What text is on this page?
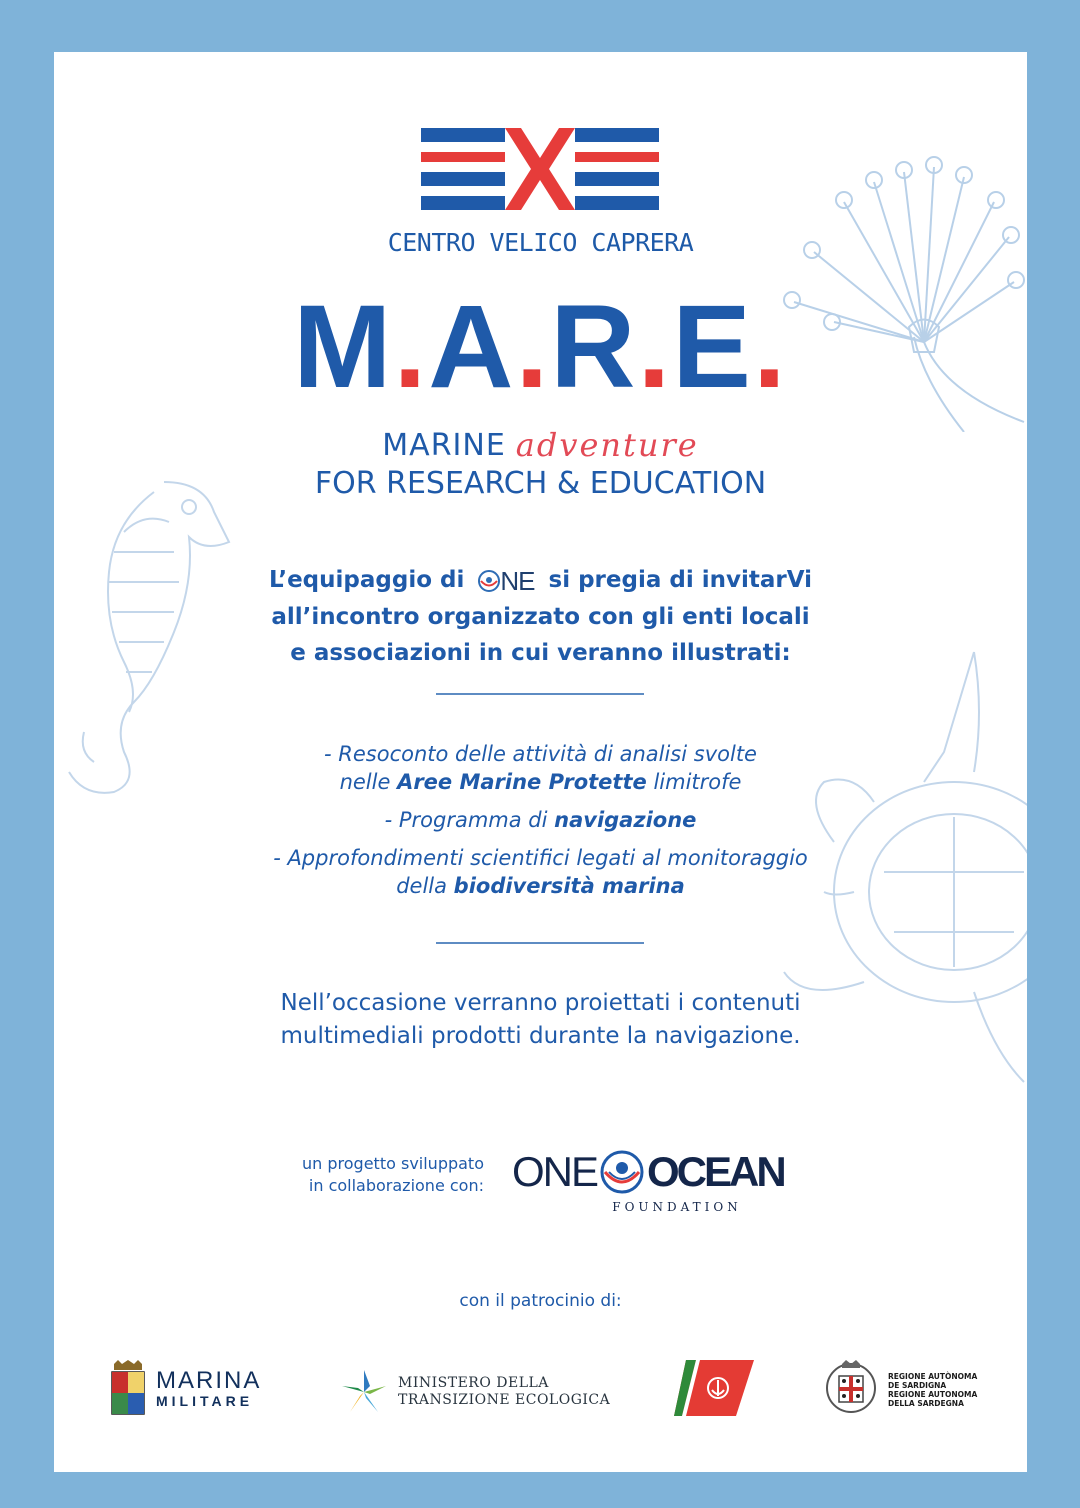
CENTRO VELICO CAPRERA
M.A.R.E.
MARINE adventure
FOR RESEARCH & EDUCATION
L’equipaggio di NE si pregia di invitarVi
all’incontro organizzato con gli enti locali
e associazioni in cui veranno illustrati:
- Resoconto delle attività di analisi svolte
nelle Aree Marine Protette limitrofe
- Programma di navigazione
- Approfondimenti scientifici legati al monitoraggio
della biodiversità marina
Nell’occasione verranno proiettati i contenuti
multimediali prodotti durante la navigazione.
un progetto sviluppato
in collaborazione con: ONE OCEAN
FOUNDATION
con il patrocinio di:
MARINA
MILITARE
MINISTERO DELLA
TRANSIZIONE ECOLOGICA
REGIONE AUTÒNOMA
DE SARDIGNA
REGIONE AUTONOMA
DELLA SARDEGNA
